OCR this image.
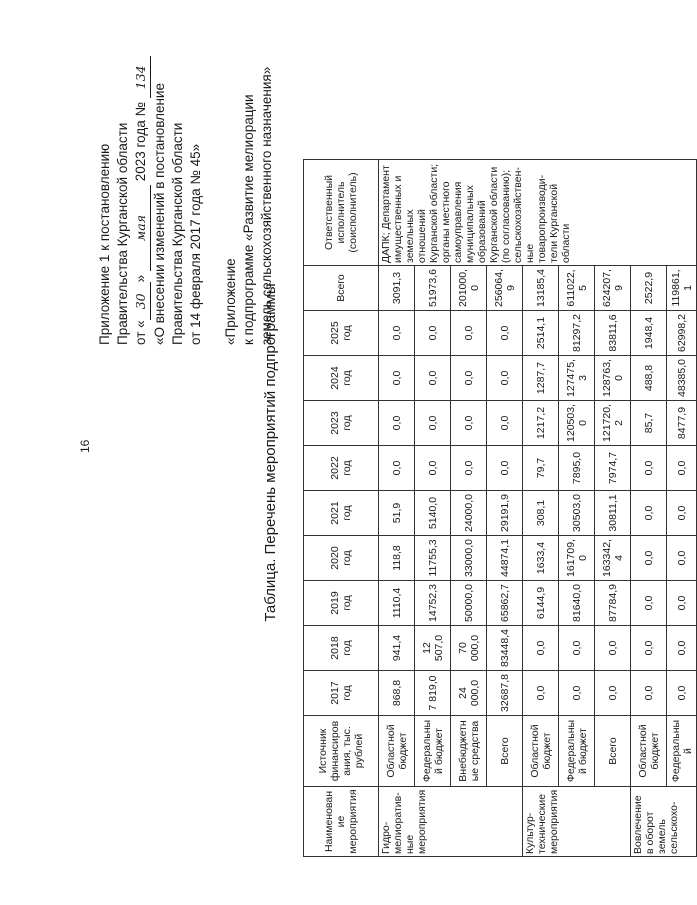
16
Приложение 1 к постановлению Правительства Курганской области от «30» мая 2023 года № 134
«О внесении изменений в постановление Правительства Курганской области от 14 февраля 2017 года № 45» «Приложение к подпрограмме «Развитие мелиорации земель сельскохозяйственного назначения»
Таблица. Перечень мероприятий подпрограммы
Наименование мероприятия	Источник финансирования, тыс. рублей	2017 год	2018 год	2019 год	2020 год	2021 год	2022 год	2023 год	2024 год	2025 год	Всего	Ответственный исполнитель (соисполнитель)
Гидро-мелиоратив-ные мероприятия	Областной бюджет	868,8	941,4	1110,4	118,8	51,9	0,0	0,0	0,0	0,0	3091,3	ДАПК; Департамент имущественных и земельных отношений Курганской области; органы местного самоуправления муниципальных образований Курганской области (по согласованию); сельскохозяйствен-ные товаропроизводи-тели Курганской области
	Федеральный бюджет	7 819,0	12 507,0	14752,3	11755,3	5140,0	0,0	0,0	0,0	0,0	51973,6	
	Внебюджетные средства	24 000,0	70 000,0	50000,0	33000,0	24000,0	0,0	0,0	0,0	0,0	201000,0	
	Всего	32687,8	83448,4	65862,7	44874,1	29191,9	0,0	0,0	0,0	0,0	256064,9	
Культур-технические мероприятия	Областной бюджет	0,0	0,0	6144,9	1633,4	308,1	79,7	1217,2	1287,7	2514,1	13185,4	
	Федеральный бюджет	0,0	0,0	81640,0	161709,0	30503,0	7895,0	120503,0	127475,3	81297,2	611022,5	
	Всего	0,0	0,0	87784,9	163342,4	30811,1	7974,7	121720,2	128763,0	83811,6	624207,9	
Вовлечение в оборот земель сельскохо-	Областной бюджет	0,0	0,0	0,0	0,0	0,0	0,0	85,7	488,8	1948,4	2522,9	
	Федеральный	0,0	0,0	0,0	0,0	0,0	0,0	8477,9	48385,0	62998,2	119861,1	
